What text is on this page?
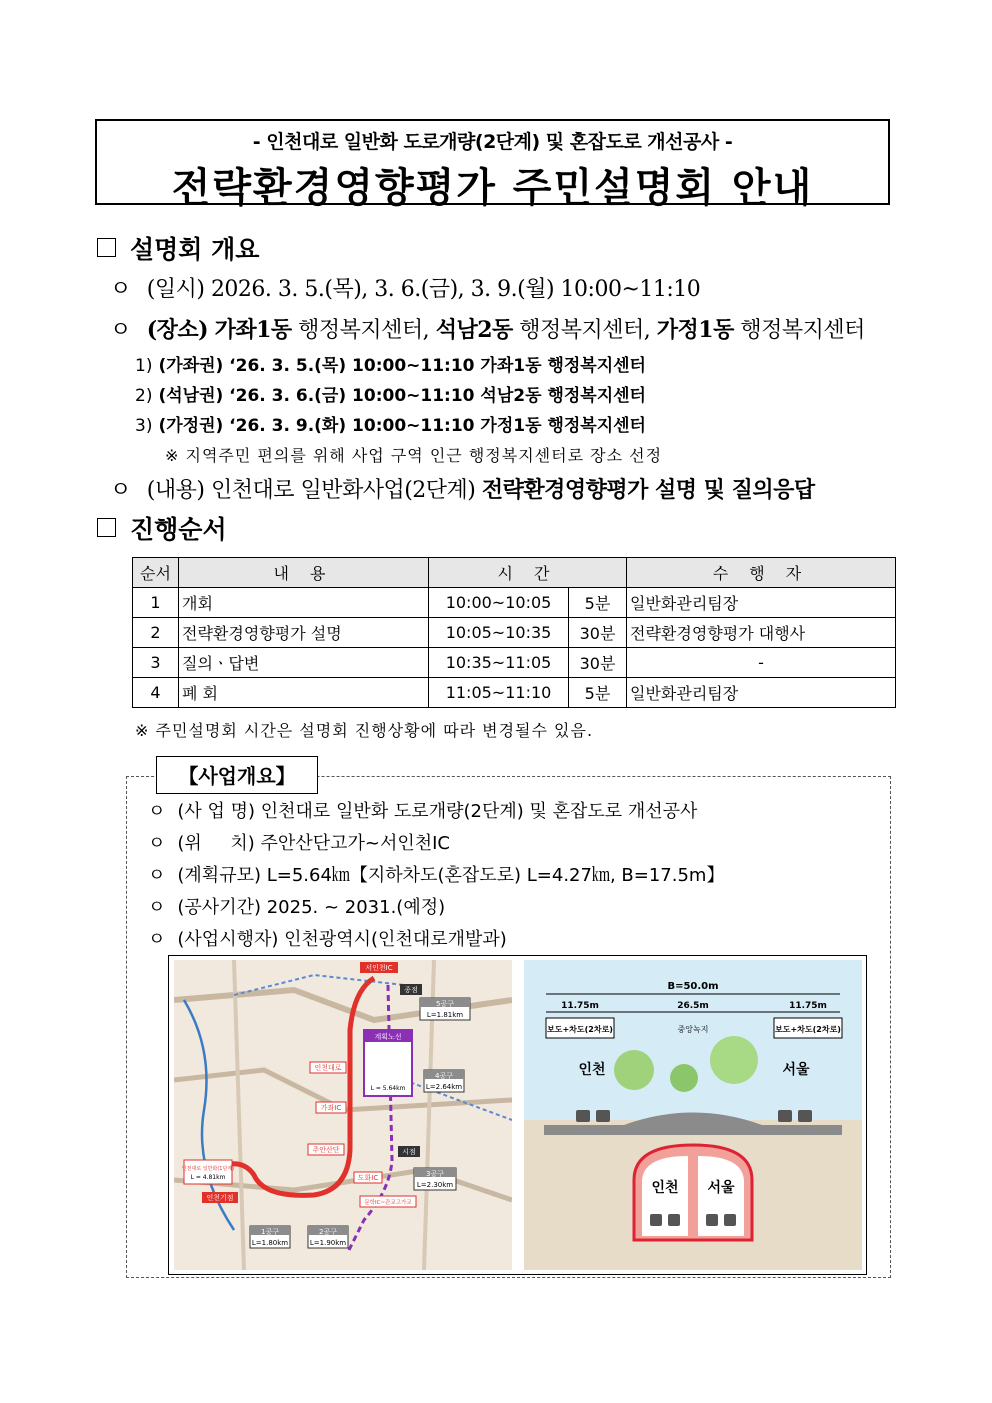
- 인천대로 일반화 도로개량(2단계) 및 혼잡도로 개선공사 -
전략환경영향평가 주민설명회 안내
설명회 개요
ㅇ (일시) 2026. 3. 5.(목), 3. 6.(금), 3. 9.(월) 10:00~11:10
ㅇ (장소) 가좌1동 행정복지센터, 석남2동 행정복지센터, 가정1동 행정복지센터
1) (가좌권) ‘26. 3. 5.(목) 10:00~11:10 가좌1동 행정복지센터
2) (석남권) ‘26. 3. 6.(금) 10:00~11:10 석남2동 행정복지센터
3) (가정권) ‘26. 3. 9.(화) 10:00~11:10 가정1동 행정복지센터
※ 지역주민 편의를 위해 사업 구역 인근 행정복지센터로 장소 선정
ㅇ (내용) 인천대로 일반화사업(2단계) 전략환경영향평가 설명 및 질의응답
진행순서
순서	내 용	시 간		수 행 자
1	개회	10:00~10:05	5분	일반화관리팀장
2	전략환경영향평가 설명	10:05~10:35	30분	전략환경영향평가 대행사
3	질의ㆍ답변	10:35~11:05	30분	-
4	폐 회	11:05~11:10	5분	일반화관리팀장
※ 주민설명회 시간은 설명회 진행상황에 따라 변경될수 있음.
【사업개요】
ㅇ (사 업 명) 인천대로 일반화 도로개량(2단계) 및 혼잡도로 개선공사
ㅇ (위     치) 주안산단고가~서인천IC
ㅇ (계획규모) L=5.64㎞【지하차도(혼잡도로) L=4.27㎞, B=17.5m】
ㅇ (공사기간) 2025. ~ 2031.(예정)
ㅇ (사업시행자) 인천광역시(인천대로개발과)
5공구
L=1.81km
4공구
L=2.64km
3공구
L=2.30km
1공구
L=1.80km
2공구
L=1.90km
계획노선
L = 5.64km
서인천IC
종점
인천대로
가좌IC
주안산단
도화IC
시점
인천대로 일반화(1단계)
L = 4.81km
인천기점
문학IC~관교고가교
B=50.0m
11.75m	26.5m	11.75m
보도+차도(2차로)	중앙녹지	보도+차도(2차로)
인천	서울
인천 서울
